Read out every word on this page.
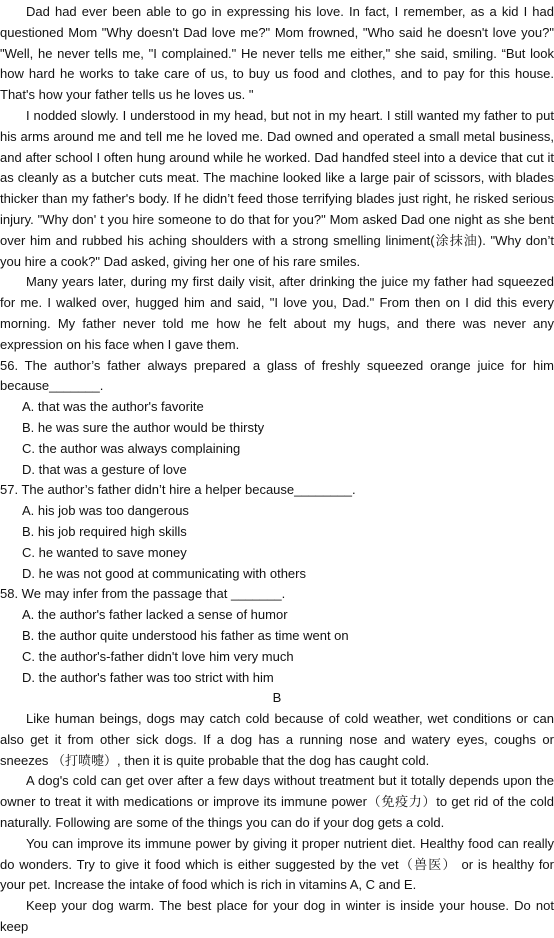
Dad had ever been able to go in expressing his love. In fact, I remember, as a kid I had questioned Mom "Why doesn't Dad love me?" Mom frowned, "Who said he doesn't love you?" "Well, he never tells me, "I complained." He never tells me either," she said, smiling. “But look how hard he works to take care of us, to buy us food and clothes, and to pay for this house. That's how your father tells us he loves us. "

I nodded slowly. I understood in my head, but not in my heart. I still wanted my father to put his arms around me and tell me he loved me. Dad owned and operated a small metal business, and after school I often hung around while he worked. Dad handfed steel into a device that cut it as cleanly as a butcher cuts meat. The machine looked like a large pair of scissors, with blades thicker than my father's body. If he didn’t feed those terrifying blades just right, he risked serious injury. "Why don' t you hire someone to do that for you?" Mom asked Dad one night as she bent over him and rubbed his aching shoulders with a strong smelling liniment(涂抹油). "Why don’t you hire a cook?" Dad asked, giving her one of his rare smiles.

Many years later, during my first daily visit, after drinking the juice my father had squeezed for me. I walked over, hugged him and said, "I love you, Dad." From then on I did this every morning. My father never told me how he felt about my hugs, and there was never any expression on his face when I gave them.

56. The author’s father always prepared a glass of freshly squeezed orange juice for him because_______.

A. that was the author's favorite

B. he was sure the author would be thirsty

C. the author was always complaining

D. that was a gesture of love

57. The author’s father didn’t hire a helper because________.

A. his job was too dangerous

B. his job required high skills

C. he wanted to save money

D. he was not good at communicating with others

58. We may infer from the passage that _______.

A. the author's father lacked a sense of humor

B. the author quite understood his father as time went on

C. the author's-father didn't love him very much

D. the author's father was too strict with him

B

Like human beings, dogs may catch cold because of cold weather, wet conditions or can also get it from other sick dogs. If a dog has a running nose and watery eyes, coughs or sneezes （打喷嚏）, then it is quite probable that the dog has caught cold.

A dog's cold can get over after a few days without treatment but it totally depends upon the owner to treat it with medications or improve its immune power（免疫力）to get rid of the cold naturally. Following are some of the things you can do if your dog gets a cold.

You can improve its immune power by giving it proper nutrient diet. Healthy food can really do wonders. Try to give it food which is either suggested by the vet（兽医） or is healthy for your pet. Increase the intake of food which is rich in vitamins A, C and E.

Keep your dog warm. The best place for your dog in winter is inside your house. Do not keep
